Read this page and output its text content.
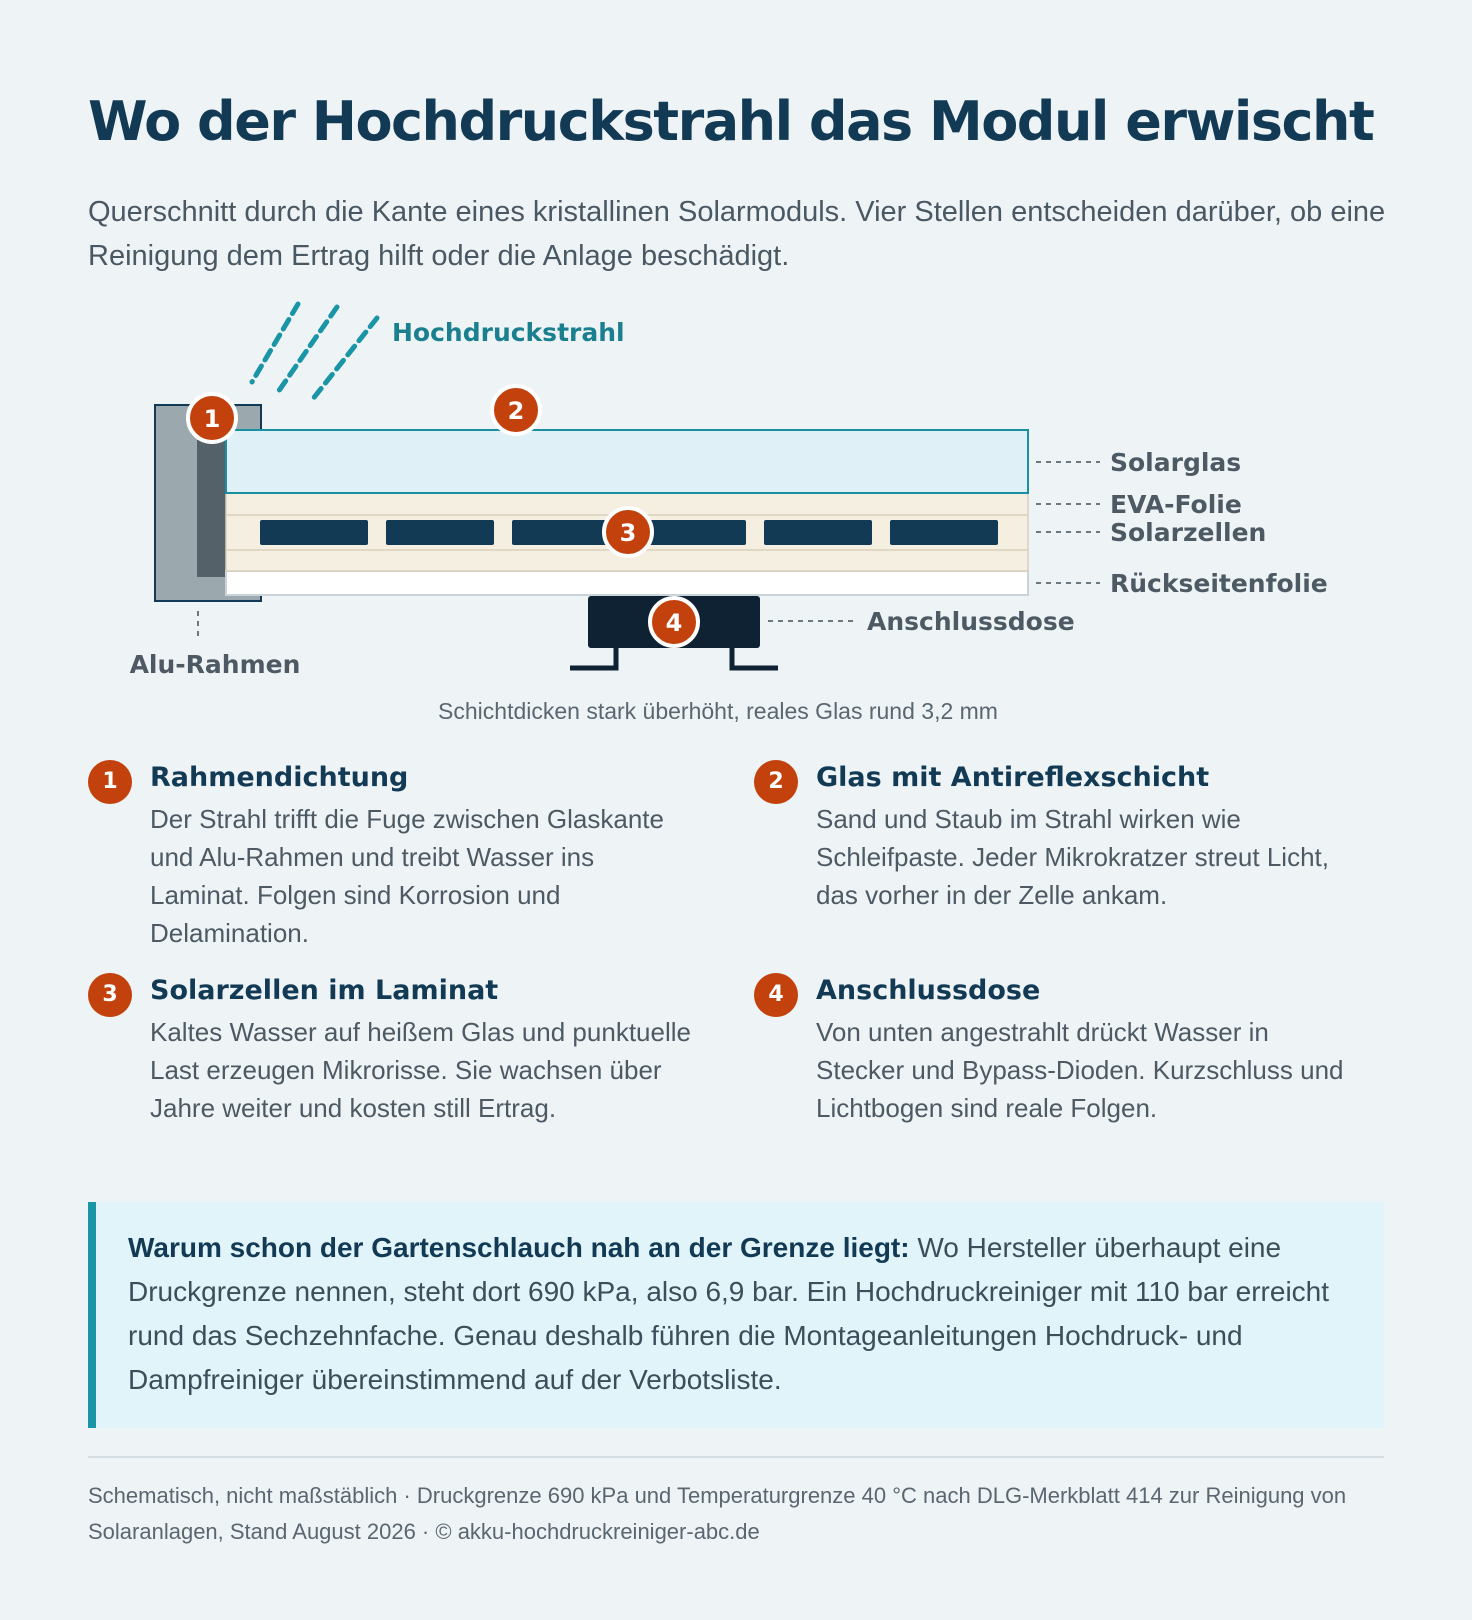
Wo der Hochdruckstrahl das Modul erwischt

Querschnitt durch die Kante eines kristallinen Solarmoduls. Vier Stellen entscheiden darüber, ob eine Reinigung dem Ertrag hilft oder die Anlage beschädigt.

Hochdruckstrahl
Alu-Rahmen
Solarglas
EVA-Folie
Solarzellen
Rückseitenfolie
Anschlussdose
1	2
3
4
Schichtdicken stark überhöht, reales Glas rund 3,2 mm
1	Rahmendichtung

Der Strahl trifft die Fuge zwischen Glaskante und Alu-Rahmen und treibt Wasser ins Laminat. Folgen sind Korrosion und Delamination.

2	Glas mit Antireflexschicht

Sand und Staub im Strahl wirken wie Schleifpaste. Jeder Mikrokratzer streut Licht, das vorher in der Zelle ankam.

3	Solarzellen im Laminat

Kaltes Wasser auf heißem Glas und punktuelle Last erzeugen Mikrorisse. Sie wachsen über Jahre weiter und kosten still Ertrag.

4	Anschlussdose

Von unten angestrahlt drückt Wasser in Stecker und Bypass-Dioden. Kurzschluss und Lichtbogen sind reale Folgen.

Warum schon der Gartenschlauch nah an der Grenze liegt: Wo Hersteller überhaupt eine Druckgrenze nennen, steht dort 690 kPa, also 6,9 bar. Ein Hochdruckreiniger mit 110 bar erreicht rund das Sechzehnfache. Genau deshalb führen die Montageanleitungen Hochdruck- und Dampfreiniger übereinstimmend auf der Verbotsliste.

Schematisch, nicht maßstäblich · Druckgrenze 690 kPa und Temperaturgrenze 40 °C nach DLG-Merkblatt 414 zur Reinigung von Solaranlagen, Stand August 2026 · © akku-hochdruckreiniger-abc.de
